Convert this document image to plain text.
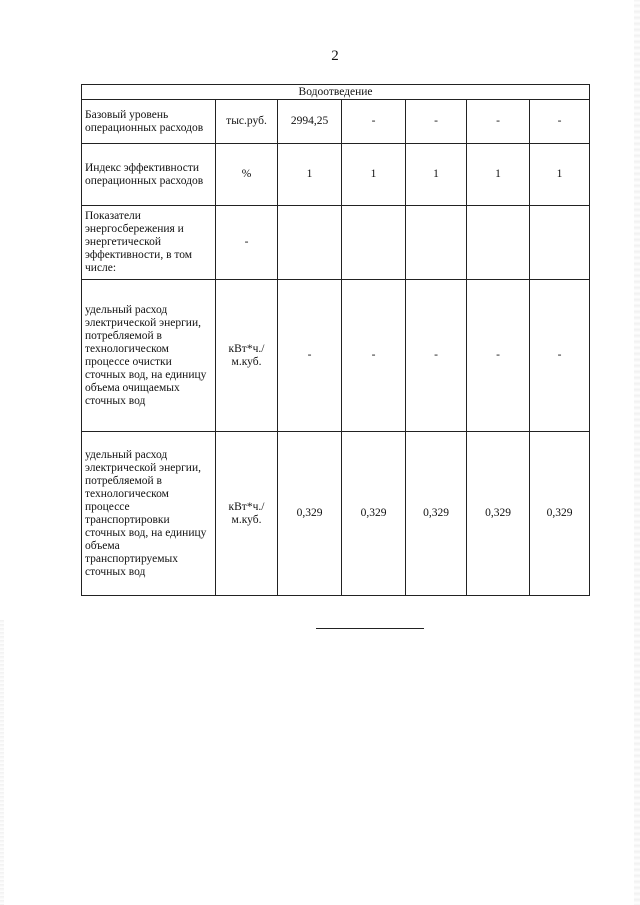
2
Водоотведение						
Базовый уровень операционных расходов	тыс.руб.	2994,25	-	-	-	-
Индекс эффективности операционных расходов	%	1	1	1	1	1
Показатели энергосбережения и энергетической эффективности, в том числе:	-					
удельный расход электрической энергии, потребляемой в технологическом процессе очистки сточных вод, на единицу объема очищаемых сточных вод	кВт*ч./м.куб.	-	-	-	-	-
удельный расход электрической энергии, потребляемой в технологическом процессе транспортировки сточных вод, на единицу объема транспортируемых сточных вод	кВт*ч./м.куб.	0,329	0,329	0,329	0,329	0,329
